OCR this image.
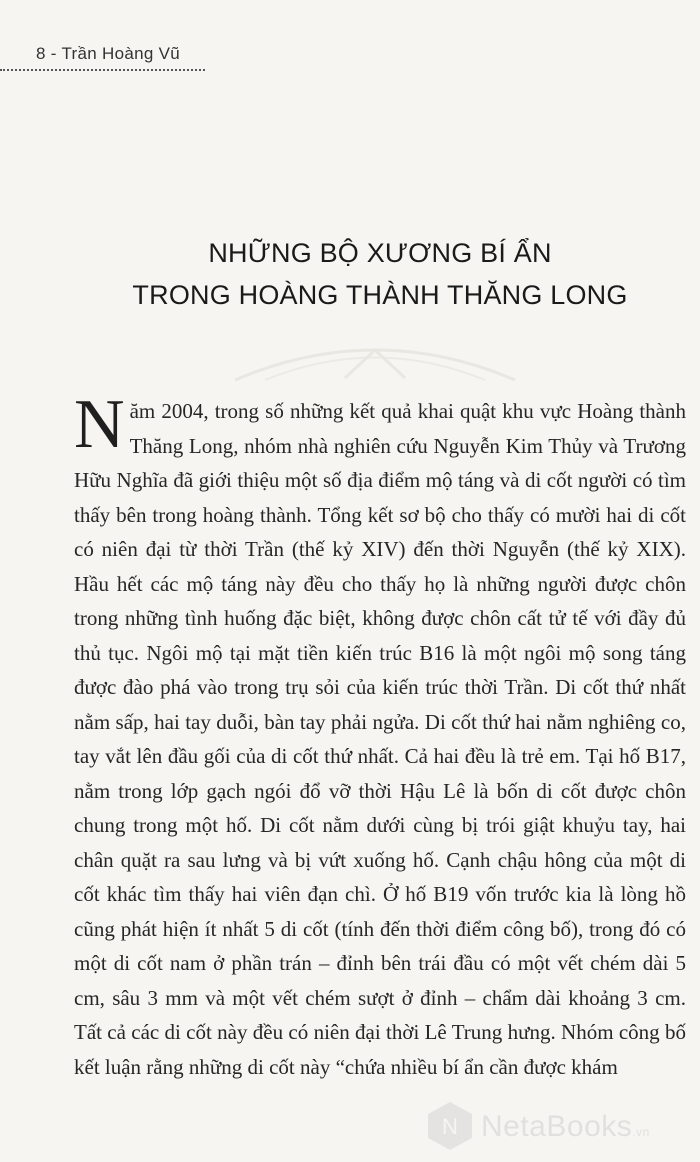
8 - Trần Hoàng Vũ
NHỮNG BỘ XƯƠNG BÍ ẨN
TRONG HOÀNG THÀNH THĂNG LONG
Năm 2004, trong số những kết quả khai quật khu vực Hoàng thành Thăng Long, nhóm nhà nghiên cứu Nguyễn Kim Thủy và Trương Hữu Nghĩa đã giới thiệu một số địa điểm mộ táng và di cốt người có tìm thấy bên trong hoàng thành. Tổng kết sơ bộ cho thấy có mười hai di cốt có niên đại từ thời Trần (thế kỷ XIV) đến thời Nguyễn (thế kỷ XIX). Hầu hết các mộ táng này đều cho thấy họ là những người được chôn trong những tình huống đặc biệt, không được chôn cất tử tế với đầy đủ thủ tục. Ngôi mộ tại mặt tiền kiến trúc B16 là một ngôi mộ song táng được đào phá vào trong trụ sỏi của kiến trúc thời Trần. Di cốt thứ nhất nằm sấp, hai tay duỗi, bàn tay phải ngửa. Di cốt thứ hai nằm nghiêng co, tay vắt lên đầu gối của di cốt thứ nhất. Cả hai đều là trẻ em. Tại hố B17, nằm trong lớp gạch ngói đổ vỡ thời Hậu Lê là bốn di cốt được chôn chung trong một hố. Di cốt nằm dưới cùng bị trói giật khuỷu tay, hai chân quặt ra sau lưng và bị vứt xuống hố. Cạnh chậu hông của một di cốt khác tìm thấy hai viên đạn chì. Ở hố B19 vốn trước kia là lòng hồ cũng phát hiện ít nhất 5 di cốt (tính đến thời điểm công bố), trong đó có một di cốt nam ở phần trán – đỉnh bên trái đầu có một vết chém dài 5 cm, sâu 3 mm và một vết chém sượt ở đỉnh – chẩm dài khoảng 3 cm. Tất cả các di cốt này đều có niên đại thời Lê Trung hưng. Nhóm công bố kết luận rằng những di cốt này “chứa nhiều bí ẩn cần được khám
N NetaBooks.vn
